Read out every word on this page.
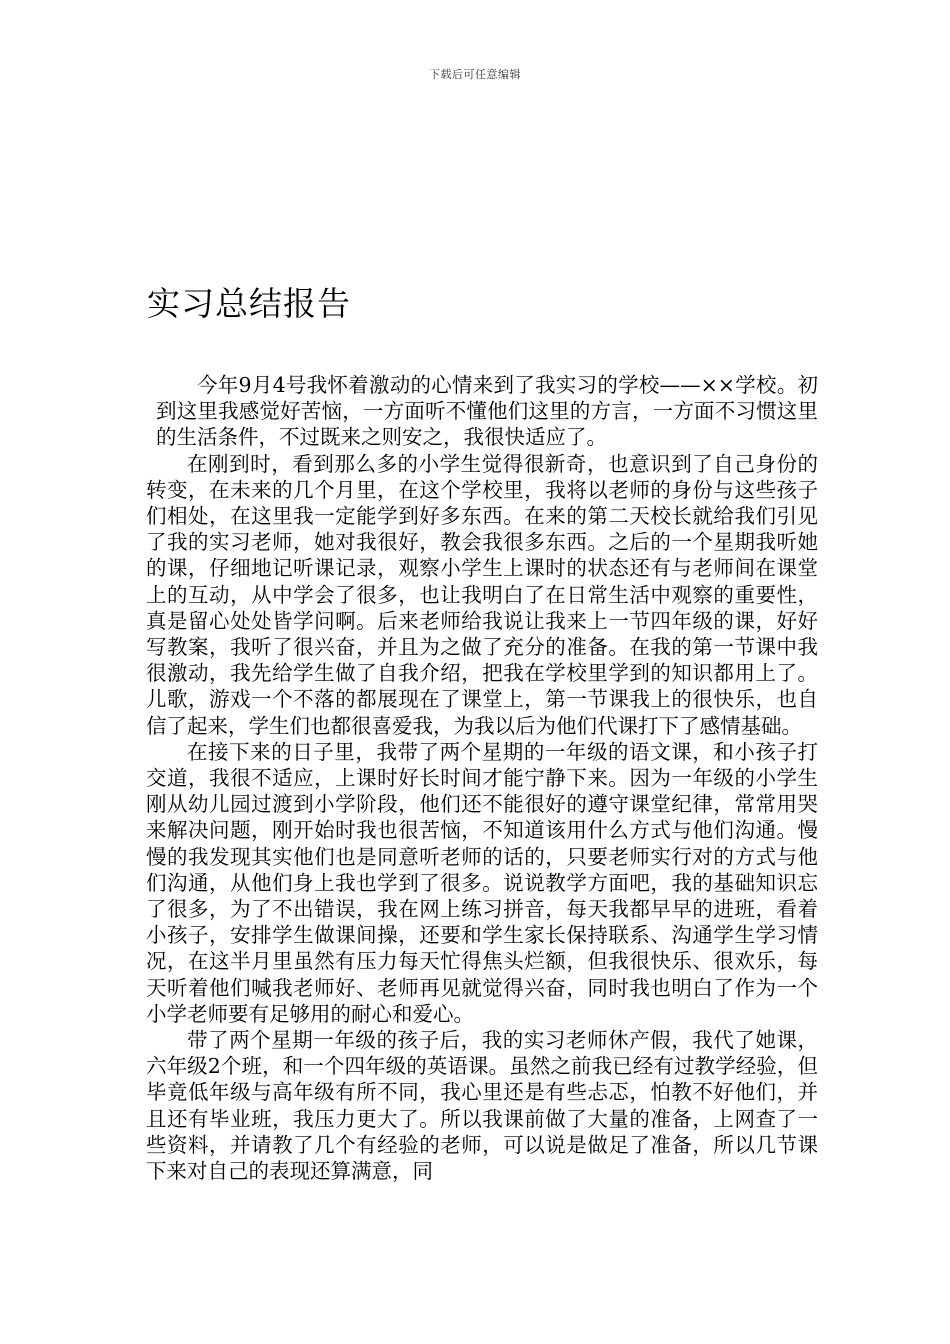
下载后可任意编辑
实习总结报告

今年9月4号我怀着激动的心情来到了我实习的学校——××学校。初到这里我感觉好苦恼，一方面听不懂他们这里的方言，一方面不习惯这里的生活条件，不过既来之则安之，我很快适应了。

在刚到时，看到那么多的小学生觉得很新奇，也意识到了自己身份的转变，在未来的几个月里，在这个学校里，我将以老师的身份与这些孩子们相处，在这里我一定能学到好多东西。在来的第二天校长就给我们引见了我的实习老师，她对我很好，教会我很多东西。之后的一个星期我听她的课，仔细地记听课记录，观察小学生上课时的状态还有与老师间在课堂上的互动，从中学会了很多，也让我明白了在日常生活中观察的重要性，真是留心处处皆学问啊。后来老师给我说让我来上一节四年级的课，好好写教案，我听了很兴奋，并且为之做了充分的准备。在我的第一节课中我很激动，我先给学生做了自我介绍，把我在学校里学到的知识都用上了。儿歌，游戏一个不落的都展现在了课堂上，第一节课我上的很快乐，也自信了起来，学生们也都很喜爱我，为我以后为他们代课打下了感情基础。

在接下来的日子里，我带了两个星期的一年级的语文课，和小孩子打交道，我很不适应，上课时好长时间才能宁静下来。因为一年级的小学生刚从幼儿园过渡到小学阶段，他们还不能很好的遵守课堂纪律，常常用哭来解决问题，刚开始时我也很苦恼，不知道该用什么方式与他们沟通。慢慢的我发现其实他们也是同意听老师的话的，只要老师实行对的方式与他们沟通，从他们身上我也学到了很多。说说教学方面吧，我的基础知识忘了很多，为了不出错误，我在网上练习拼音，每天我都早早的进班，看着小孩子，安排学生做课间操，还要和学生家长保持联系、沟通学生学习情况，在这半月里虽然有压力每天忙得焦头烂额，但我很快乐、很欢乐，每天听着他们喊我老师好、老师再见就觉得兴奋，同时我也明白了作为一个小学老师要有足够用的耐心和爱心。

带了两个星期一年级的孩子后，我的实习老师休产假，我代了她课，六年级2个班，和一个四年级的英语课。虽然之前我已经有过教学经验，但毕竟低年级与高年级有所不同，我心里还是有些忐忑，怕教不好他们，并且还有毕业班，我压力更大了。所以我课前做了大量的准备，上网查了一些资料，并请教了几个有经验的老师，可以说是做足了准备，所以几节课下来对自己的表现还算满意，同
